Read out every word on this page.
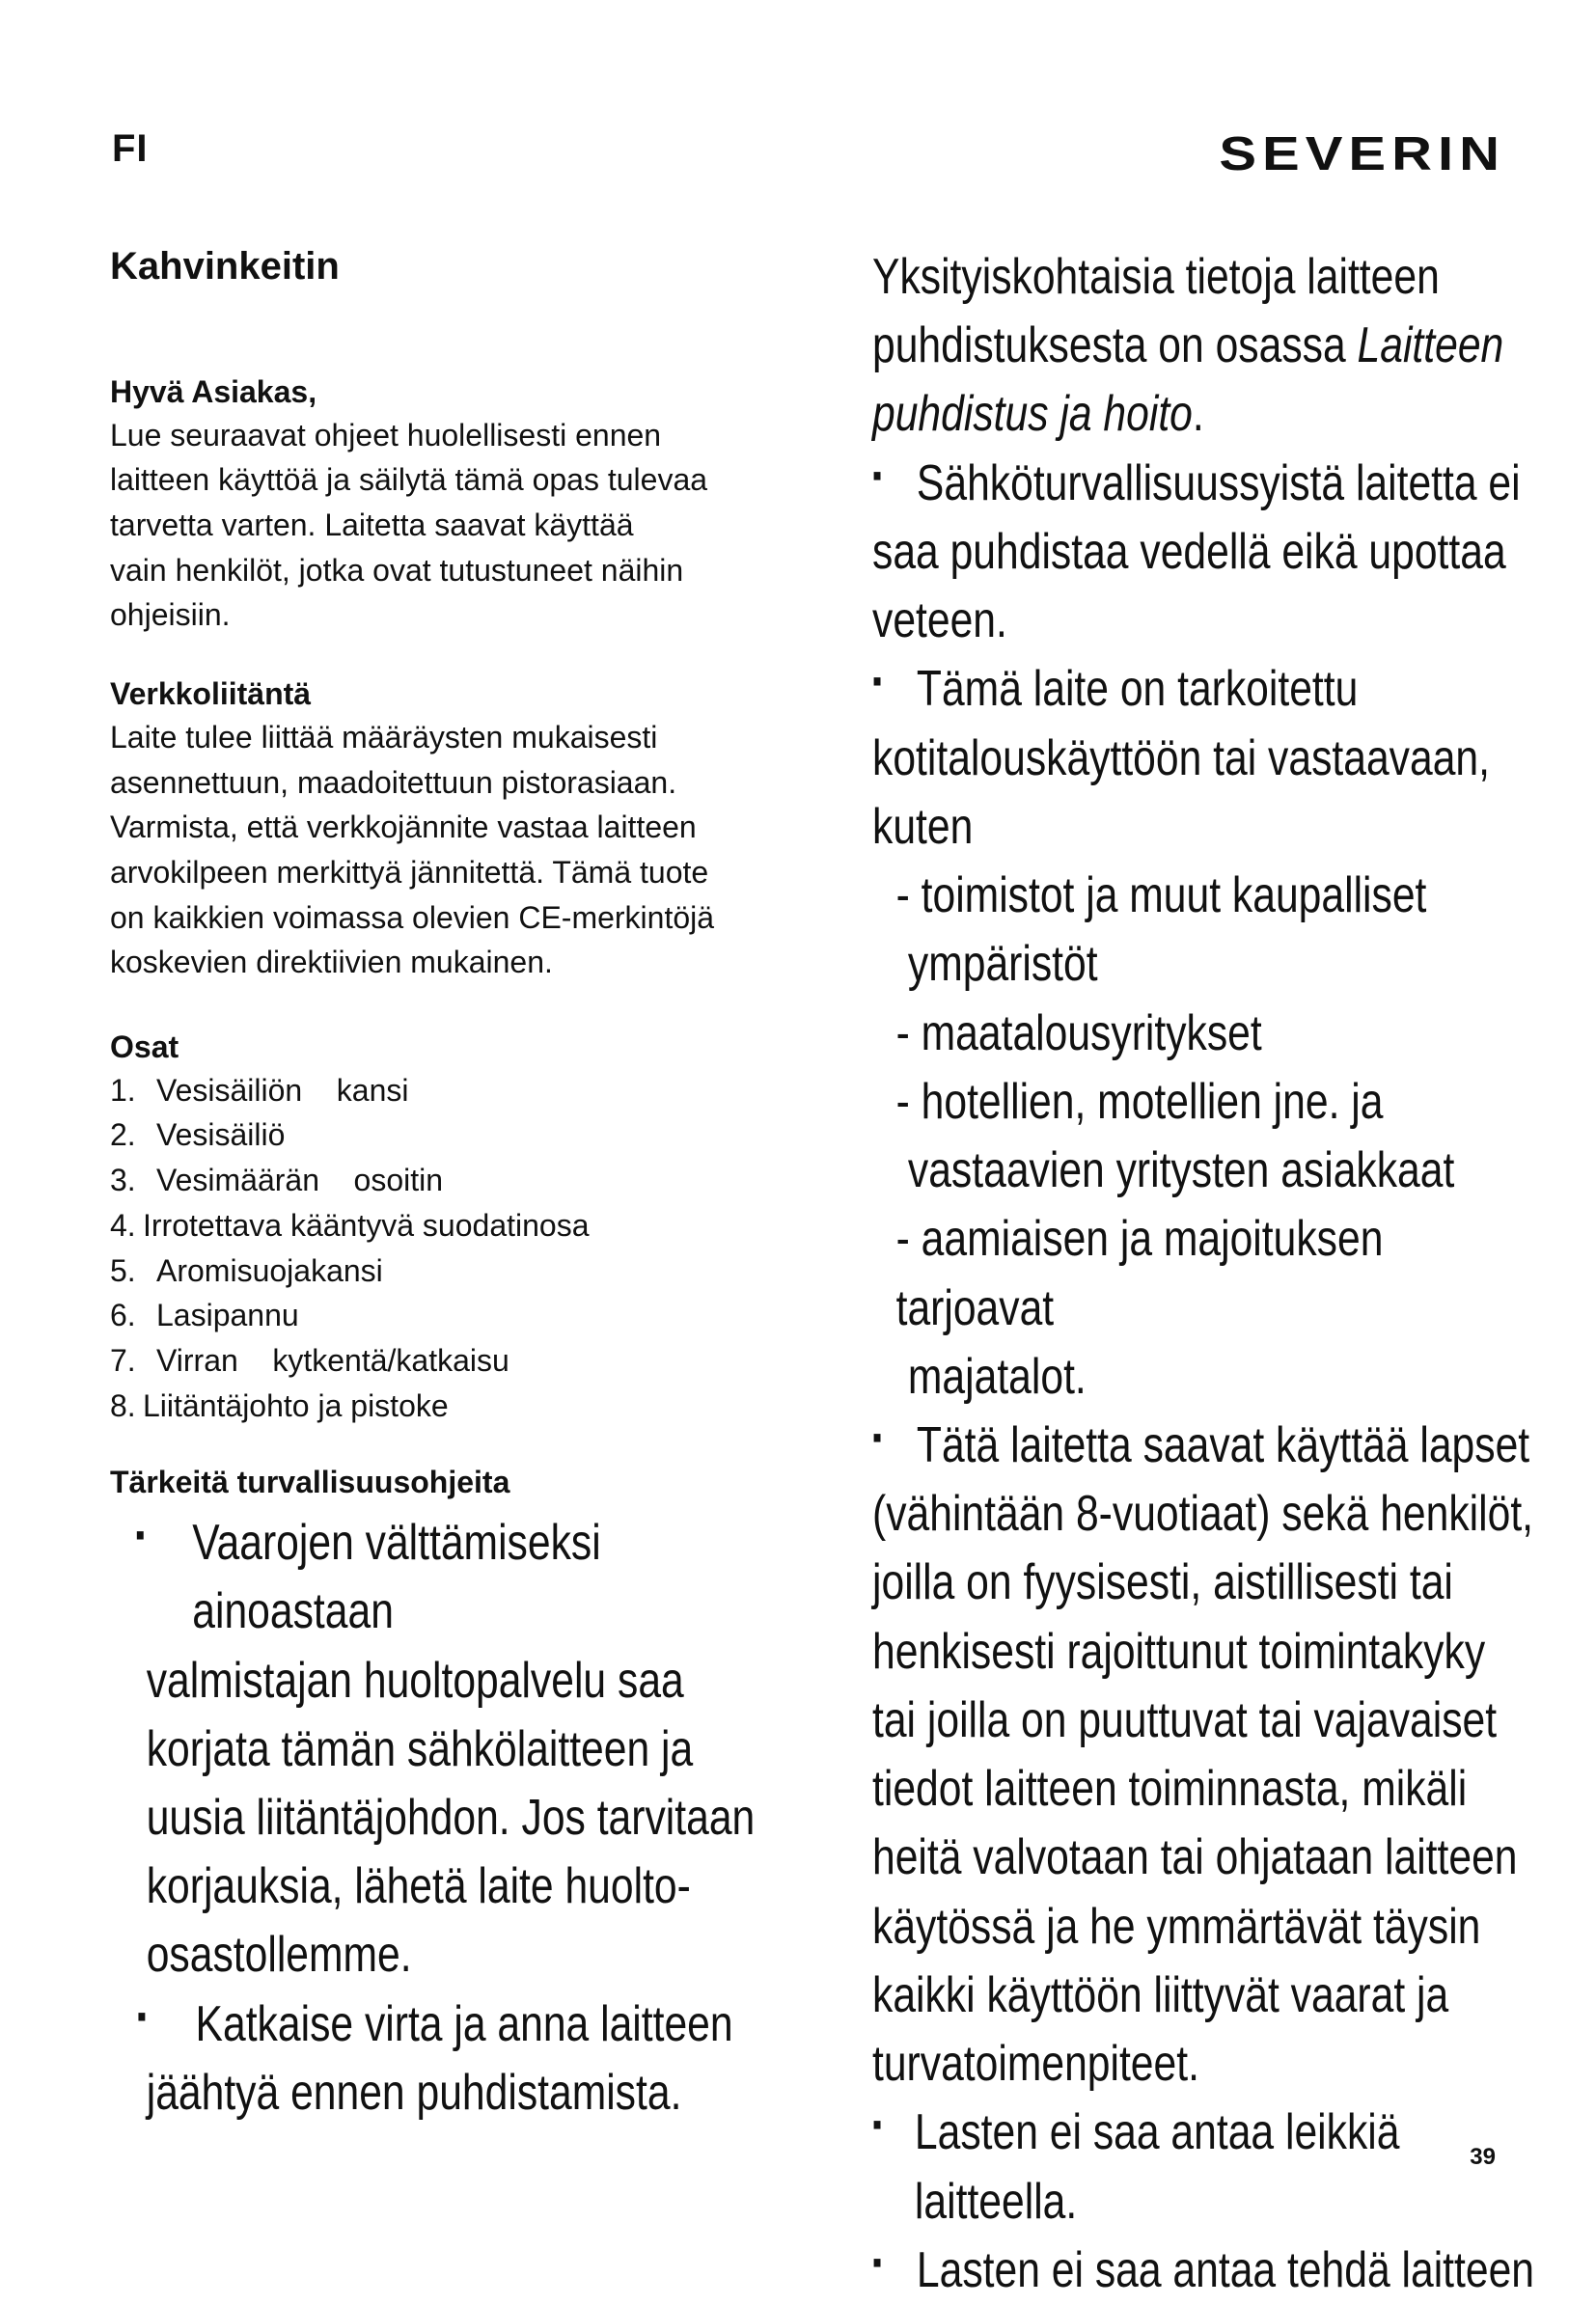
FI	SEVERIN
Kahvinkeitin
Hyvä Asiakas,
Lue seuraavat ohjeet huolellisesti ennen
laitteen käyttöä ja säilytä tämä opas tulevaa
tarvetta varten. Laitetta saavat käyttää
vain henkilöt, jotka ovat tutustuneet näihin
ohjeisiin.
Verkkoliitäntä
Laite tulee liittää määräysten mukaisesti
asennettuun, maadoitettuun pistorasiaan.
Varmista, että verkkojännite vastaa laitteen
arvokilpeen merkittyä jännitettä. Tämä tuote
on kaikkien voimassa olevien CE-merkintöjä
koskevien direktiivien mukainen.
Osat
1. Vesisäiliön    kansi
2. Vesisäiliö
3. Vesimäärän    osoitin
4. Irrotettava kääntyvä suodatinosa
5. Aromisuojakansi
6. Lasipannu
7. Virran    kytkentä/katkaisu
8. Liitäntäjohto ja pistoke
Tärkeitä turvallisuusohjeita
▪ Vaarojen välttämiseksi ainoastaan
valmistajan huoltopalvelu saa
korjata tämän sähkölaitteen ja
uusia liitäntäjohdon. Jos tarvitaan
korjauksia, lähetä laite huolto-
osastollemme.
▪ Katkaise virta ja anna laitteen
jäähtyä ennen puhdistamista.
Yksityiskohtaisia tietoja laitteen
puhdistuksesta on osassa Laitteen
puhdistus ja hoito.
▪ Sähköturvallisuussyistä laitetta ei
saa puhdistaa vedellä eikä upottaa
veteen.
▪ Tämä laite on tarkoitettu
kotitalouskäyttöön tai vastaavaan,
kuten
- toimistot ja muut kaupalliset
ympäristöt
- maatalousyritykset
- hotellien, motellien jne. ja
vastaavien yritysten asiakkaat
- aamiaisen ja majoituksen tarjoavat
majatalot.
▪ Tätä laitetta saavat käyttää lapset
(vähintään 8-vuotiaat) sekä henkilöt,
joilla on fyysisesti, aistillisesti tai
henkisesti rajoittunut toimintakyky
tai joilla on puuttuvat tai vajavaiset
tiedot laitteen toiminnasta, mikäli
heitä valvotaan tai ohjataan laitteen
käytössä ja he ymmärtävät täysin
kaikki käyttöön liittyvät vaarat ja
turvatoimenpiteet.
▪ Lasten ei saa antaa leikkiä laitteella.
▪ Lasten ei saa antaa tehdä laitteen
39
